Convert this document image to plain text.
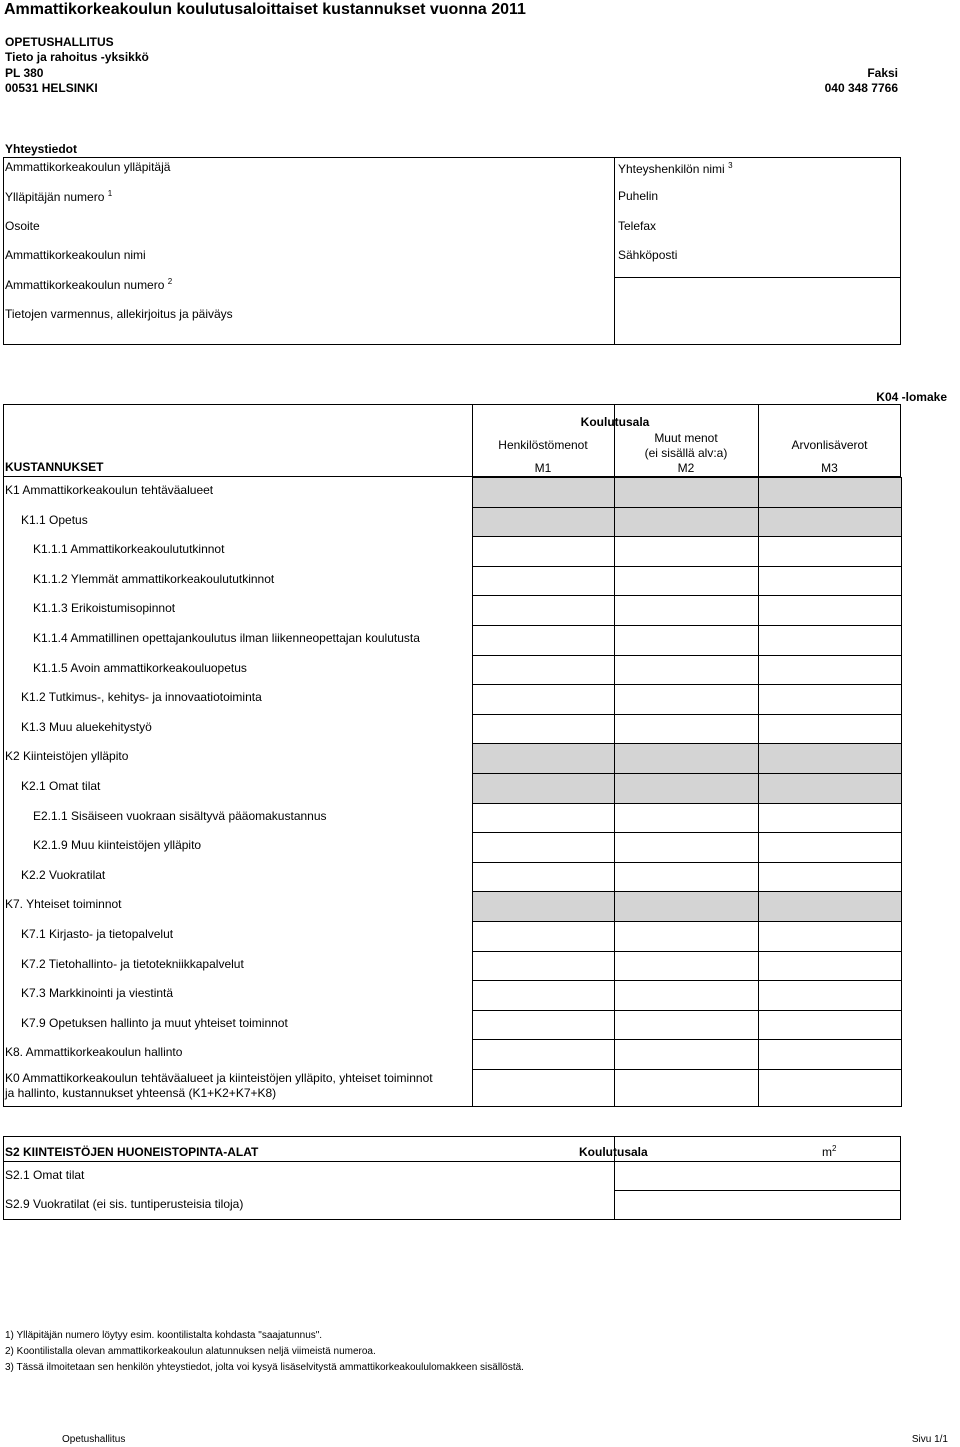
Ammattikorkeakoulun koulutusaloittaiset kustannukset vuonna 2011
OPETUSHALLITUS
Tieto ja rahoitus -yksikkö
PL 380
00531 HELSINKI
Faksi
040 348 7766
Yhteystiedot
Ammattikorkeakoulun ylläpitäjä
Ylläpitäjän numero $^1$
Osoite
Ammattikorkeakoulun nimi
Ammattikorkeakoulun numero $^2$
Tietojen varmennus, allekirjoitus ja päiväys
Yhteyshenkilön nimi $^3$
Puhelin
Telefax
Sähköposti
K04 -lomake
Koulutusala
Henkilöstömenot
M1
Muut menot
(ei sisällä alv:a)
M2
Arvonlisäverot
M3
KUSTANNUKSET
K1 Ammattikorkeakoulun tehtäväalueet
K1.1 Opetus
K1.1.1 Ammattikorkeakoulututkinnot
K1.1.2 Ylemmät ammattikorkeakoulututkinnot
K1.1.3 Erikoistumisopinnot
K1.1.4 Ammatillinen opettajankoulutus ilman liikenneopettajan koulutusta
K1.1.5 Avoin ammattikorkeakouluopetus
K1.2 Tutkimus-, kehitys- ja innovaatiotoiminta
K1.3 Muu aluekehitystyö
K2 Kiinteistöjen ylläpito
K2.1 Omat tilat
E2.1.1 Sisäiseen vuokraan sisältyvä pääomakustannus
K2.1.9 Muu kiinteistöjen ylläpito
K2.2 Vuokratilat
K7. Yhteiset toiminnot
K7.1 Kirjasto- ja tietopalvelut
K7.2 Tietohallinto- ja tietotekniikkapalvelut
K7.3 Markkinointi ja viestintä
K7.9 Opetuksen hallinto ja muut yhteiset toiminnot
K8. Ammattikorkeakoulun hallinto
K0 Ammattikorkeakoulun tehtäväalueet ja kiinteistöjen ylläpito, yhteiset toiminnot
ja hallinto, kustannukset yhteensä (K1+K2+K7+K8)
S2 KIINTEISTÖJEN HUONEISTOPINTA-ALAT	Koulutusala	$m^2$
S2.1 Omat tilat
S2.9 Vuokratilat (ei sis. tuntiperusteisia tiloja)
1) Ylläpitäjän numero löytyy esim. koontilistalta kohdasta "saajatunnus".
2) Koontilistalla olevan ammattikorkeakoulun alatunnuksen neljä viimeistä numeroa.
3) Tässä ilmoitetaan sen henkilön yhteystiedot, jolta voi kysyä lisäselvitystä ammattikorkeakoululomakkeen sisällöstä.
Opetushallitus	Sivu 1/1
